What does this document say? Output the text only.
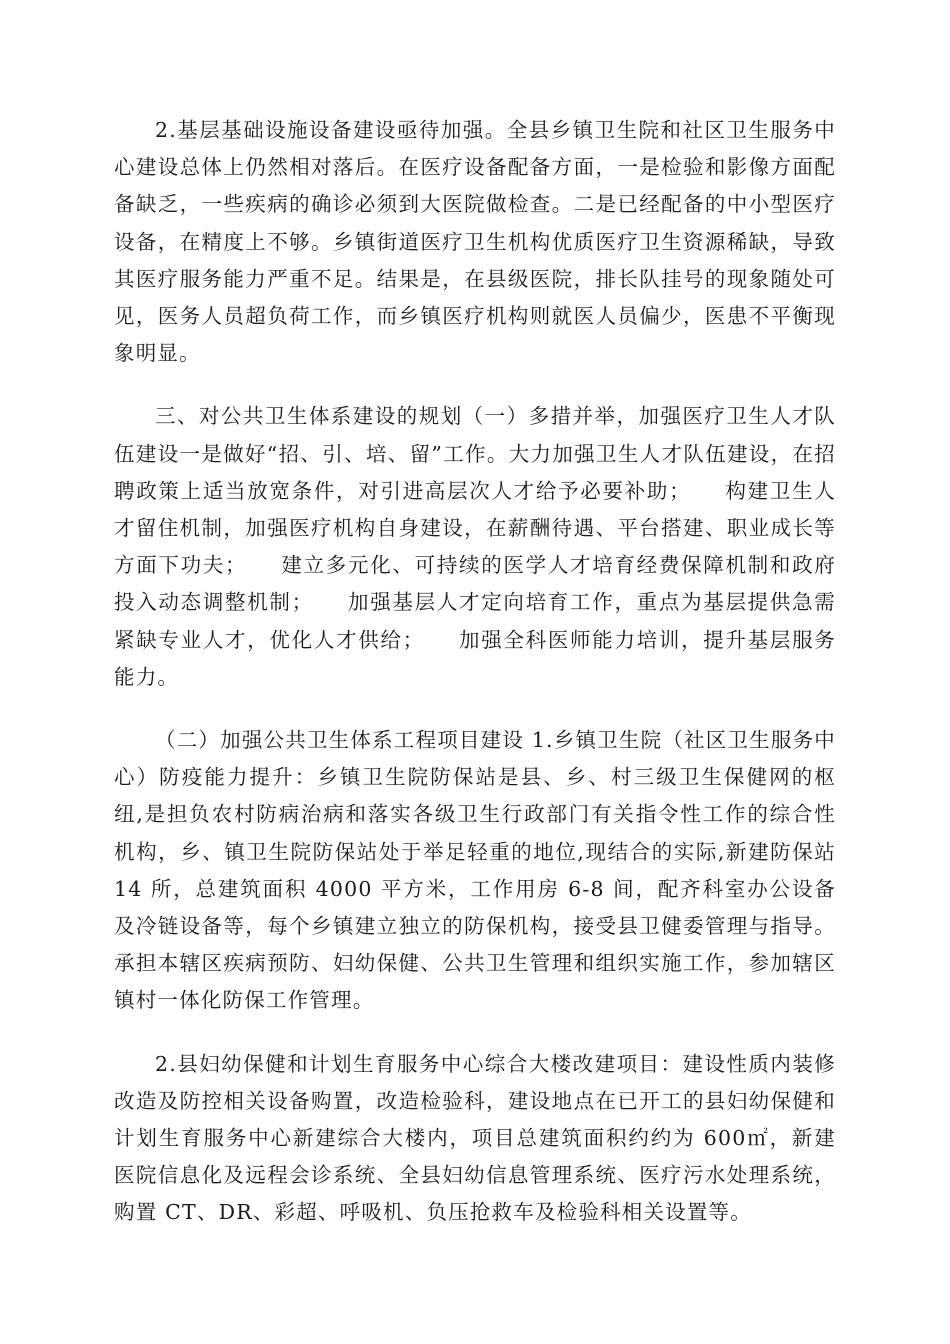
2.基层基础设施设备建设亟待加强。全县乡镇卫生院和社区卫生服务中心建设总体上仍然相对落后。在医疗设备配备方面，一是检验和影像方面配备缺乏，一些疾病的确诊必须到大医院做检查。二是已经配备的中小型医疗设备，在精度上不够。乡镇街道医疗卫生机构优质医疗卫生资源稀缺，导致其医疗服务能力严重不足。结果是，在县级医院，排长队挂号的现象随处可见，医务人员超负荷工作，而乡镇医疗机构则就医人员偏少，医患不平衡现象明显。

三、对公共卫生体系建设的规划（一）多措并举，加强医疗卫生人才队伍建设一是做好“招、引、培、留”工作。大力加强卫生人才队伍建设，在招聘政策上适当放宽条件，对引进高层次人才给予必要补助；　　构建卫生人才留住机制，加强医疗机构自身建设，在薪酬待遇、平台搭建、职业成长等方面下功夫；　　建立多元化、可持续的医学人才培育经费保障机制和政府投入动态调整机制；　　加强基层人才定向培育工作，重点为基层提供急需紧缺专业人才，优化人才供给；　　加强全科医师能力培训，提升基层服务能力。

（二）加强公共卫生体系工程项目建设 1.乡镇卫生院（社区卫生服务中心）防疫能力提升：乡镇卫生院防保站是县、乡、村三级卫生保健网的枢纽,是担负农村防病治病和落实各级卫生行政部门有关指令性工作的综合性机构，乡、镇卫生院防保站处于举足轻重的地位,现结合的实际,新建防保站 14 所，总建筑面积 4000 平方米，工作用房 6-8 间，配齐科室办公设备及冷链设备等，每个乡镇建立独立的防保机构，接受县卫健委管理与指导。承担本辖区疾病预防、妇幼保健、公共卫生管理和组织实施工作，参加辖区镇村一体化防保工作管理。

2.县妇幼保健和计划生育服务中心综合大楼改建项目：建设性质内装修改造及防控相关设备购置，改造检验科，建设地点在已开工的县妇幼保健和计划生育服务中心新建综合大楼内，项目总建筑面积约约为 600㎡，新建医院信息化及远程会诊系统、全县妇幼信息管理系统、医疗污水处理系统，购置 CT、DR、彩超、呼吸机、负压抢救车及检验科相关设置等。
